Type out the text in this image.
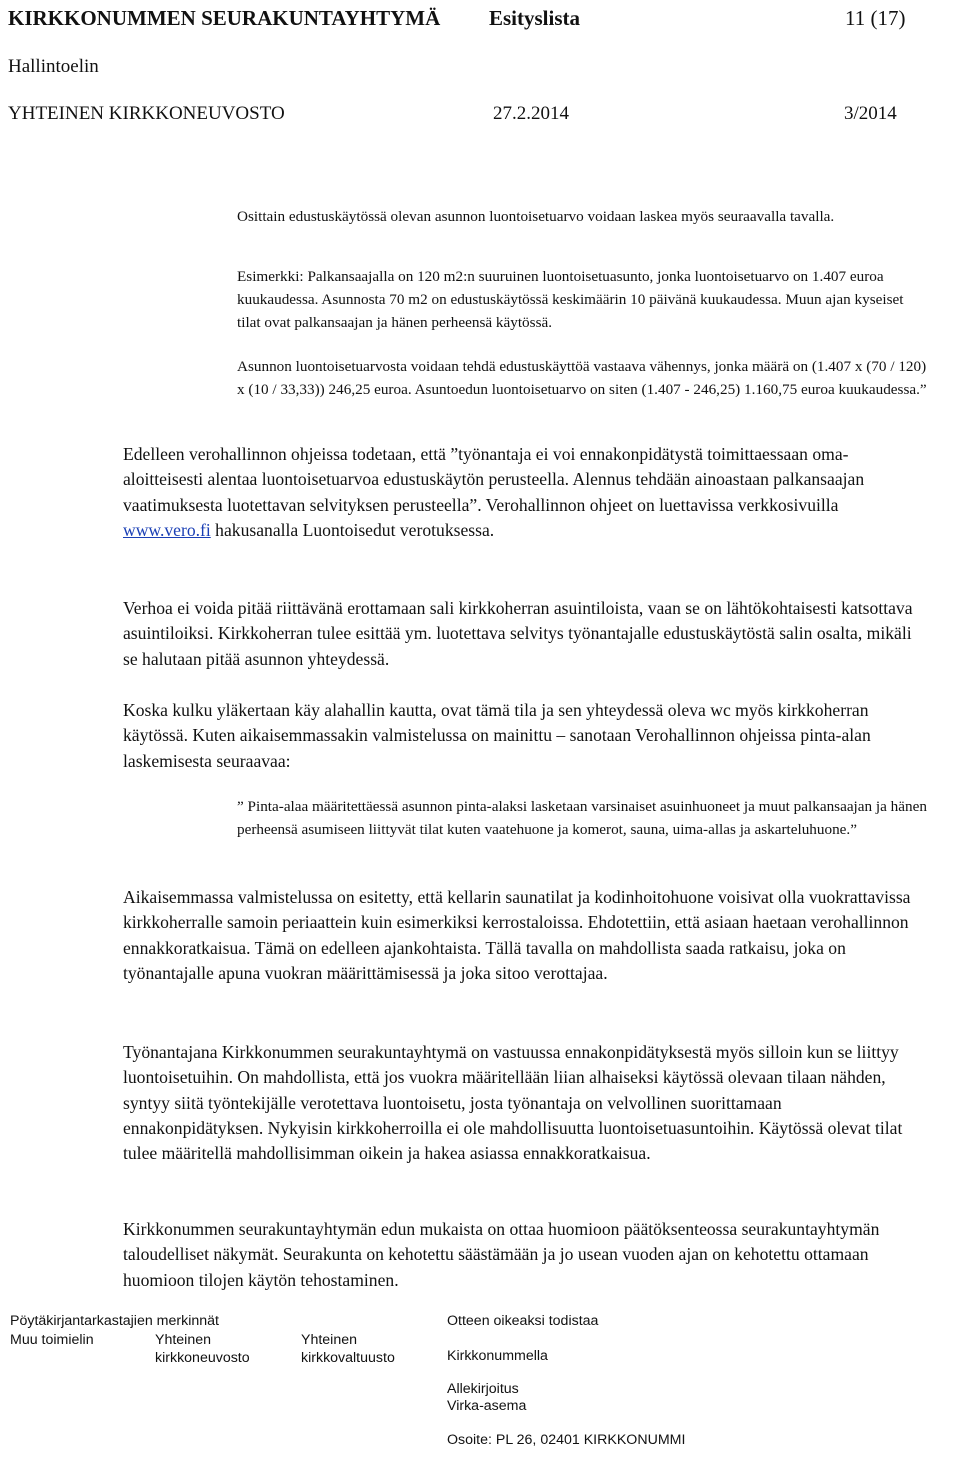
KIRKKONUMMEN SEURAKUNTAYHTYMÄ Esityslista	11 (17)
Hallintoelin
YHTEINEN KIRKKONEUVOSTO	27.2.2014	3/2014
Osittain edustuskäytössä olevan asunnon luontoisetuarvo voidaan laskea myös seuraavalla tavalla.
Esimerkki: Palkansaajalla on 120 m2:n suuruinen luontoisetuasunto, jonka luontoisetuarvo on 1.407 euroa kuukaudessa. Asunnosta 70 m2 on edustuskäytössä keskimäärin 10 päivänä kuukaudessa. Muun ajan kyseiset tilat ovat palkansaajan ja hänen perheensä käytössä.
Asunnon luontoisetuarvosta voidaan tehdä edustuskäyttöä vastaava vähennys, jonka määrä on (1.407 x (70 / 120) x (10 / 33,33)) 246,25 euroa. Asuntoedun luontoisetuarvo on siten (1.407 - 246,25) 1.160,75 euroa kuukaudessa.”
Edelleen verohallinnon ohjeissa todetaan, että ”työnantaja ei voi ennakonpidätystä toimittaessaan oma-aloitteisesti alentaa luontoisetuarvoa edustuskäytön perusteella. Alennus tehdään ainoastaan palkansaajan vaatimuksesta luotettavan selvityksen perusteella”. Verohallinnon ohjeet on luettavissa verkkosivuilla www.vero.fi hakusanalla Luontoisedut verotuksessa.
Verhoa ei voida pitää riittävänä erottamaan sali kirkkoherran asuintiloista, vaan se on lähtökohtaisesti katsottava asuintiloiksi. Kirkkoherran tulee esittää ym. luotettava selvitys työnantajalle edustuskäytöstä salin osalta, mikäli se halutaan pitää asunnon yhteydessä.
Koska kulku yläkertaan käy alahallin kautta, ovat tämä tila ja sen yhteydessä oleva wc myös kirkkoherran käytössä. Kuten aikaisemmassakin valmistelussa on mainittu – sanotaan Verohallinnon ohjeissa pinta-alan laskemisesta seuraavaa:
” Pinta-alaa määritettäessä asunnon pinta-alaksi lasketaan varsinaiset asuinhuoneet ja muut palkansaajan ja hänen perheensä asumiseen liittyvät tilat kuten vaatehuone ja komerot, sauna, uima-allas ja askarteluhuone.”
Aikaisemmassa valmistelussa on esitetty, että kellarin saunatilat ja kodinhoitohuone voisivat olla vuokrattavissa kirkkoherralle samoin periaattein kuin esimerkiksi kerrostaloissa. Ehdotettiin, että asiaan haetaan verohallinnon ennakkoratkaisua. Tämä on edelleen ajankohtaista. Tällä tavalla on mahdollista saada ratkaisu, joka on työnantajalle apuna vuokran määrittämisessä ja joka sitoo verottajaa.
Työnantajana Kirkkonummen seurakuntayhtymä on vastuussa ennakonpidätyksestä myös silloin kun se liittyy luontoisetuihin. On mahdollista, että jos vuokra määritellään liian alhaiseksi käytössä olevaan tilaan nähden, syntyy siitä työntekijälle verotettava luontoisetu, josta työnantaja on velvollinen suorittamaan ennakonpidätyksen. Nykyisin kirkkoherroilla ei ole mahdollisuutta luontoisetuasuntoihin. Käytössä olevat tilat tulee määritellä mahdollisimman oikein ja hakea asiassa ennakkoratkaisua.
Kirkkonummen seurakuntayhtymän edun mukaista on ottaa huomioon päätöksenteossa seurakuntayhtymän taloudelliset näkymät. Seurakunta on kehotettu säästämään ja jo usean vuoden ajan on kehotettu ottamaan huomioon tilojen käytön tehostaminen.
Pöytäkirjantarkastajien merkinnät
Muu toimielin	Yhteinen
kirkkoneuvosto
Yhteinen
kirkkovaltuusto
Otteen oikeaksi todistaa
Kirkkonummella
Allekirjoitus
Virka-asema
Osoite: PL 26, 02401 KIRKKONUMMI
